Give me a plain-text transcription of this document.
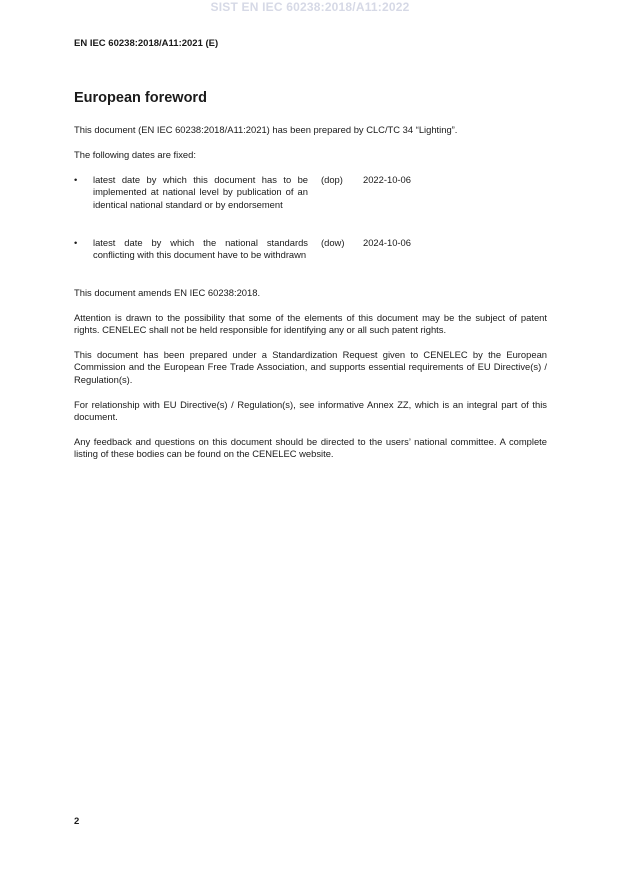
SIST EN IEC 60238:2018/A11:2022
EN IEC 60238:2018/A11:2021 (E)
European foreword

This document (EN IEC 60238:2018/A11:2021) has been prepared by CLC/TC 34 “Lighting”.

The following dates are fixed:

• latest date by which this document has to be implemented at national level by publication of an identical national standard or by endorsement
(dop) 2022-10-06
• latest date by which the national standards conflicting with this document have to be withdrawn
(dow) 2024-10-06

This document amends EN IEC 60238:2018.

Attention is drawn to the possibility that some of the elements of this document may be the subject of patent rights. CENELEC shall not be held responsible for identifying any or all such patent rights.

This document has been prepared under a Standardization Request given to CENELEC by the European Commission and the European Free Trade Association, and supports essential requirements of EU Directive(s) / Regulation(s).

For relationship with EU Directive(s) / Regulation(s), see informative Annex ZZ, which is an integral part of this document.

Any feedback and questions on this document should be directed to the users’ national committee. A complete listing of these bodies can be found on the CENELEC website.

2
